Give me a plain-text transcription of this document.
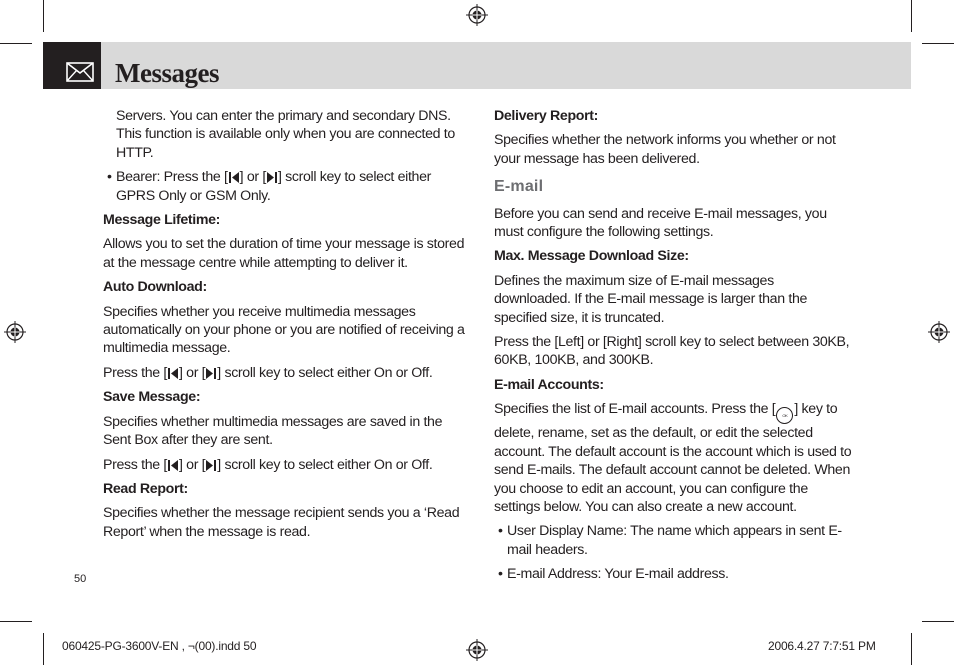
Messages

Servers. You can enter the primary and secondary DNS. This function is available only when you are connected to HTTP.

• Bearer: Press the [ ] or [ ] scroll key to select either GPRS Only or GSM Only.

Message Lifetime:

Allows you to set the duration of time your message is stored at the message centre while attempting to deliver it.

Auto Download:

Specifies whether you receive multimedia messages automatically on your phone or you are notified of receiving a multimedia message.

Press the [ ] or [ ] scroll key to select either On or Off.

Save Message:

Specifies whether multimedia messages are saved in the Sent Box after they are sent.

Press the [ ] or [ ] scroll key to select either On or Off.

Read Report:

Specifies whether the message recipient sends you a ‘Read Report’ when the message is read.

Delivery Report:

Specifies whether the network informs you whether or not your message has been delivered.

E-mail

Before you can send and receive E-mail messages, you must configure the following settings.

Max. Message Download Size:

Defines the maximum size of E-mail messages downloaded. If the E-mail message is larger than the specified size, it is truncated.

Press the [Left] or [Right] scroll key to select between 30KB, 60KB, 100KB, and 300KB.

E-mail Accounts:

Specifies the list of E-mail accounts. Press the [ OK ] key to delete, rename, set as the default, or edit the selected account. The default account is the account which is used to send E-mails. The default account cannot be deleted. When you choose to edit an account, you can configure the settings below. You can also create a new account.

• User Display Name: The name which appears in sent E-mail headers.

• E-mail Address: Your E-mail address.

50
060425-PG-3600V-EN , ¬(00).indd 50	2006.4.27 7:7:51 PM
